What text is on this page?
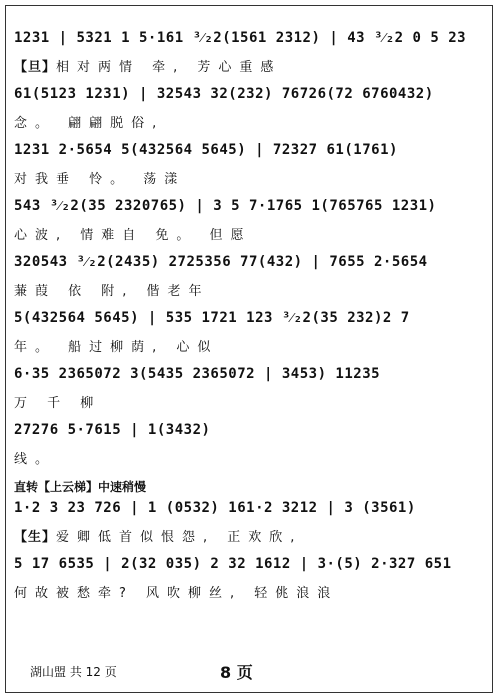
1231 | 5321 1 5·161 ³⁄₂2(1561 2312) | 43 ³⁄₂2 0 5 23
【旦】相对两情 牵, 芳心重感
61(5123 1231) | 32543 32(232) 76726(72 6760432)
念。 翩翩脱俗,
1231 2·5654 5(432564 5645) | 72327 61(1761)
对我垂 怜。 荡漾
543 ³⁄₂2(35 2320765) | 3 5 7·1765 1(765765 1231)
心波, 情难自 免。 但愿
320543 ³⁄₂2(2435) 2725356 77(432) | 7655 2·5654
蒹葭 依 附, 偕老年
5(432564 5645) | 535 1721 123 ³⁄₂2(35 232)2 7
年。 船过柳荫, 心似
6·35 2365072 3(5435 2365072 | 3453) 11235
万 千 柳
27276 5·7615 | 1(3432)
线。
直转【上云梯】中速稍慢
1·2 3 23 726 | 1 (0532) 161·2 3212 | 3 (3561)
【生】爱卿低首似恨怨, 正欢欣,
5 17 6535 | 2(32 035) 2 32 1612 | 3·(5) 2·327 651
何故被愁牵? 风吹柳丝, 轻佻浪浪
湖山盟 共 12 页	8 页
